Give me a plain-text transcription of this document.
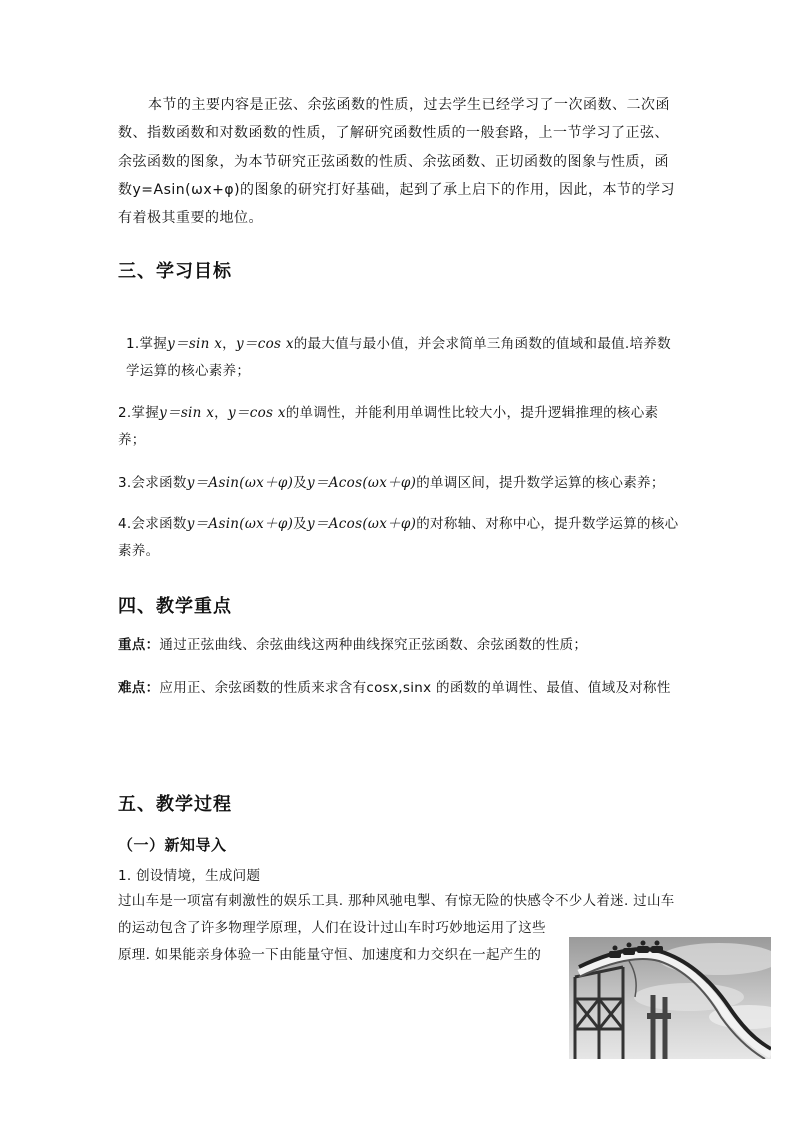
本节的主要内容是正弦、余弦函数的性质，过去学生已经学习了一次函数、二次函数、指数函数和对数函数的性质，了解研究函数性质的一般套路，上一节学习了正弦、余弦函数的图象，为本节研究正弦函数的性质、余弦函数、正切函数的图象与性质，函数y=Asin(ωx+φ)的图象的研究打好基础，起到了承上启下的作用，因此，本节的学习有着极其重要的地位。

三、学习目标

1.掌握y＝sin x，y＝cos x的最大值与最小值，并会求简单三角函数的值域和最值.培养数学运算的核心素养；

2.掌握y＝sin x，y＝cos x的单调性，并能利用单调性比较大小，提升逻辑推理的核心素养；

3.会求函数y＝Asin(ωx＋φ)及y＝Acos(ωx＋φ)的单调区间，提升数学运算的核心素养；

4.会求函数y＝Asin(ωx＋φ)及y＝Acos(ωx＋φ)的对称轴、对称中心，提升数学运算的核心素养。

四、教学重点

重点：通过正弦曲线、余弦曲线这两种曲线探究正弦函数、余弦函数的性质；

难点：应用正、余弦函数的性质来求含有cosx,sinx 的函数的单调性、最值、值域及对称性

五、教学过程
（一）新知导入
1. 创设情境，生成问题
过山车是一项富有刺激性的娱乐工具. 那种风驰电掣、有惊无险的快感令不少人着迷. 过山车
的运动包含了许多物理学原理，人们在设计过山车时巧妙地运用了这些
原理. 如果能亲身体验一下由能量守恒、加速度和力交织在一起产生的
